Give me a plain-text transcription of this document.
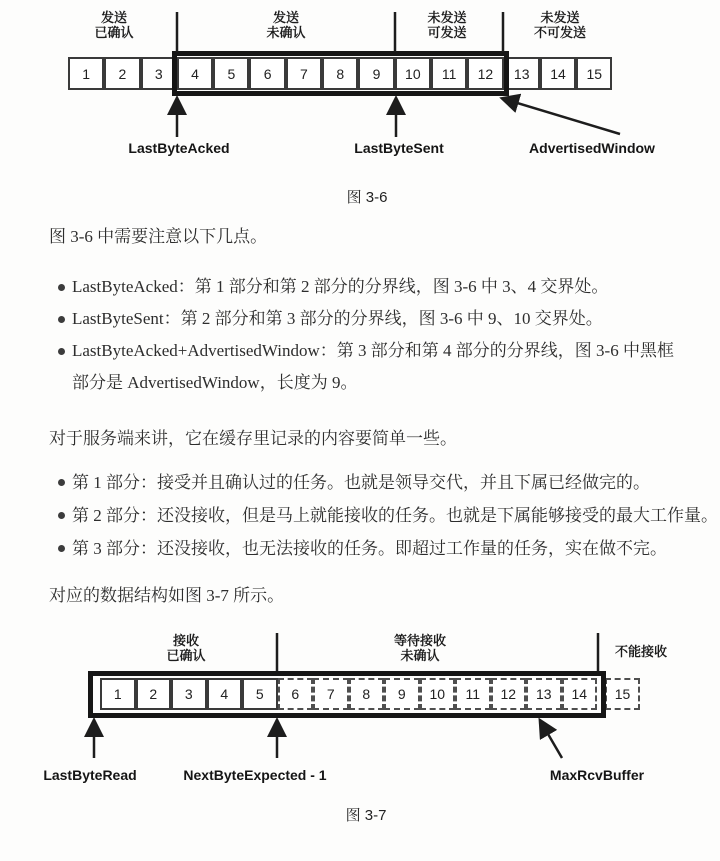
发送
已确认
发送
未确认
未发送
可发送
未发送
不可发送
1	2	3	4	5	6	7	8	9	10	11	12	13	14	15
LastByteAcked	LastByteSent	AdvertisedWindow
图 3-6

图 3-6 中需要注意以下几点。

LastByteAcked：第 1 部分和第 2 部分的分界线，图 3-6 中 3、4 交界处。
LastByteSent：第 2 部分和第 3 部分的分界线，图 3-6 中 9、10 交界处。
LastByteAcked+AdvertisedWindow：第 3 部分和第 4 部分的分界线，图 3-6 中黑框部分是 AdvertisedWindow，长度为 9。

对于服务端来讲，它在缓存里记录的内容要简单一些。

第 1 部分：接受并且确认过的任务。也就是领导交代，并且下属已经做完的。
第 2 部分：还没接收，但是马上就能接收的任务。也就是下属能够接受的最大工作量。
第 3 部分：还没接收，也无法接收的任务。即超过工作量的任务，实在做不完。

对应的数据结构如图 3-7 所示。

接收
已确认
等待接收
未确认	不能接收
1	2	3	4	5	6	7	8	9	10	11	12	13	14	15
LastByteRead	NextByteExpected - 1	MaxRcvBuffer
图 3-7
